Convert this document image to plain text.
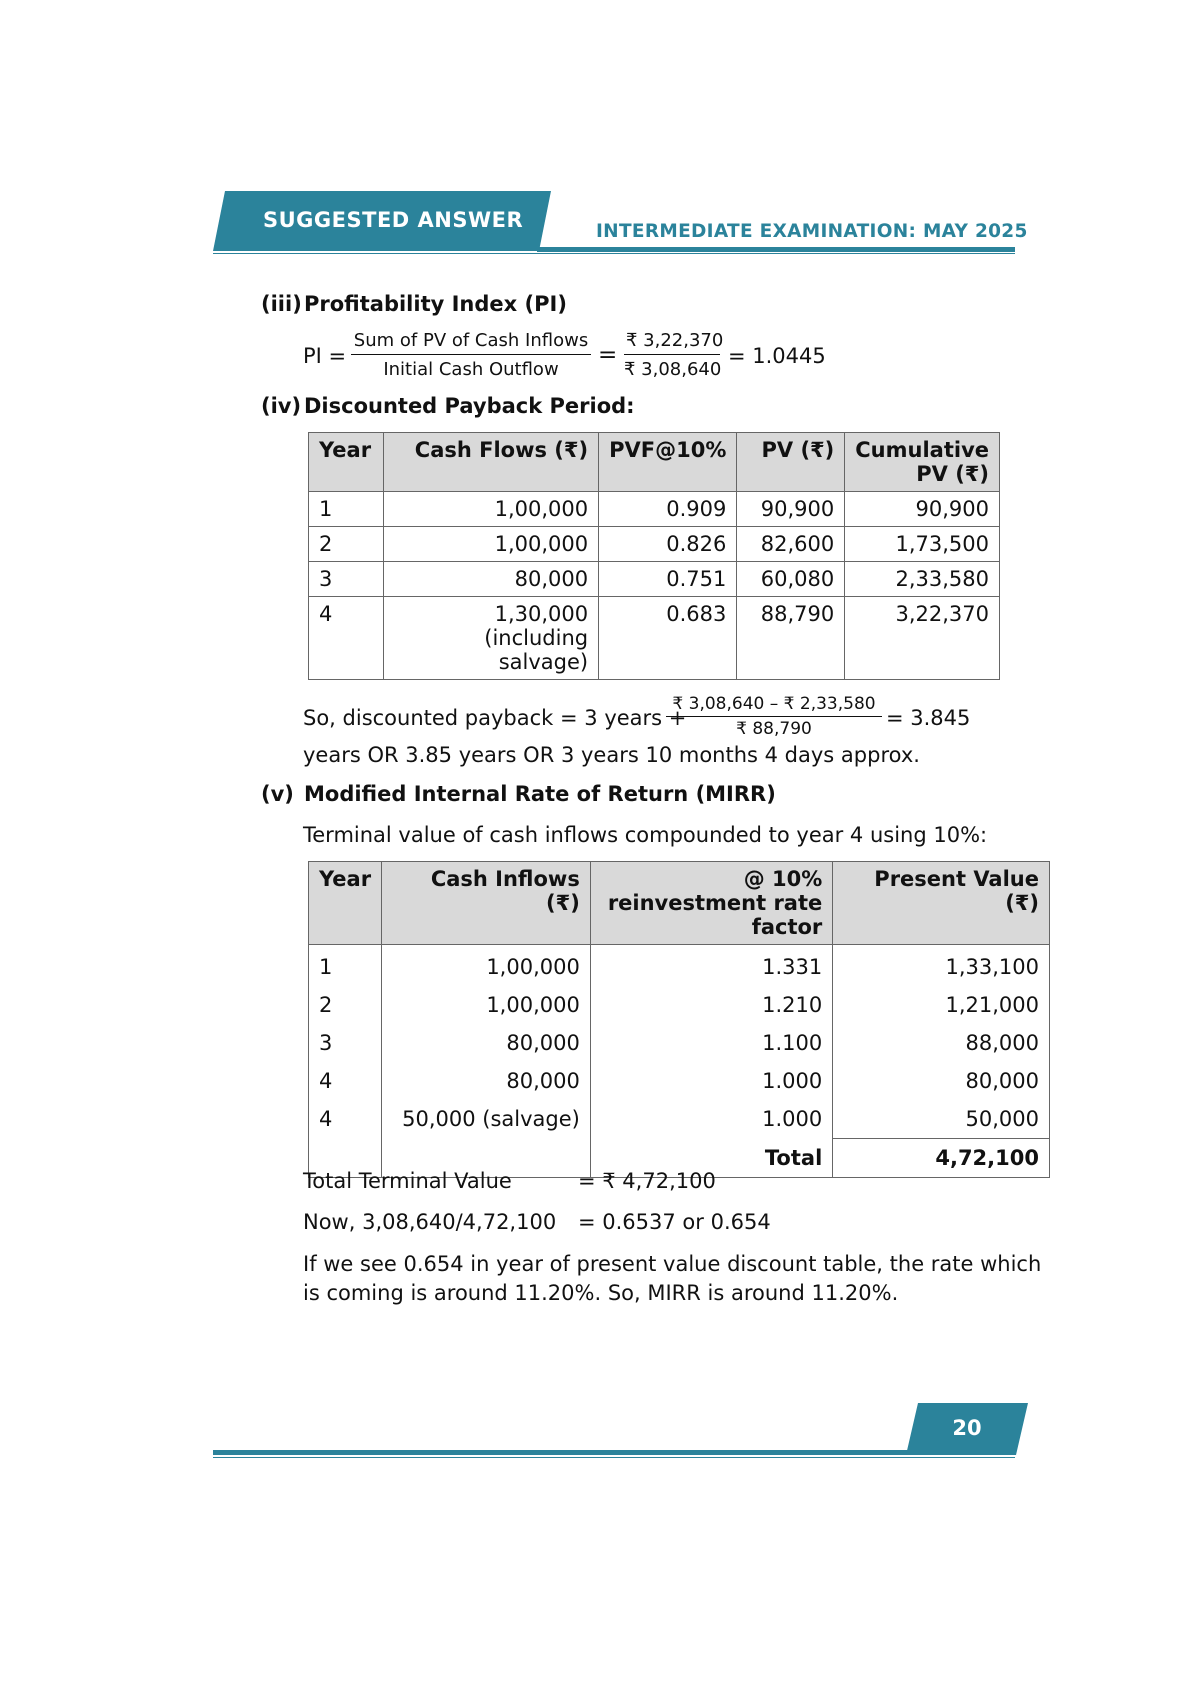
SUGGESTED ANSWER	INTERMEDIATE EXAMINATION: MAY 2025
(iii) Profitability Index (PI)
PI =
Sum of PV of Cash Inflows
Initial Cash Outflow
= $\frac{₹ 3,22,370}{₹ 3,08,640} = 1.0445$
(iv) Discounted Payback Period:
Year	Cash Flows (₹)	PVF@10%	PV (₹)	Cumulative PV (₹)
1	1,00,000	0.909	90,900	90,900
2	1,00,000	0.826	82,600	1,73,500
3	80,000	0.751	60,080	2,33,580
4	1,30,000 (including salvage)	0.683	88,790	3,22,370
So, discounted payback = 3 years +
$\frac{₹ 3,08,640 - ₹ 2,33,580}{₹ 88,790} = 3.845$
years OR 3.85 years OR 3 years 10 months 4 days approx.
(v) Modified Internal Rate of Return (MIRR)
Terminal value of cash inflows compounded to year 4 using 10%:
Year	Cash Inflows (₹)	@ 10% reinvestment rate factor	Present Value (₹)
1	1,00,000	1.331	1,33,100
2	1,00,000	1.210	1,21,000
3	80,000	1.100	88,000
4	80,000	1.000	80,000
4	50,000 (salvage)	1.000	50,000
		Total	4,72,100
Total Terminal Value	= ₹ 4,72,100
Now, 3,08,640/4,72,100 = 0.6537 or 0.654
If we see 0.654 in year of present value discount table, the rate which
is coming is around 11.20%. So, MIRR is around 11.20%.
20
